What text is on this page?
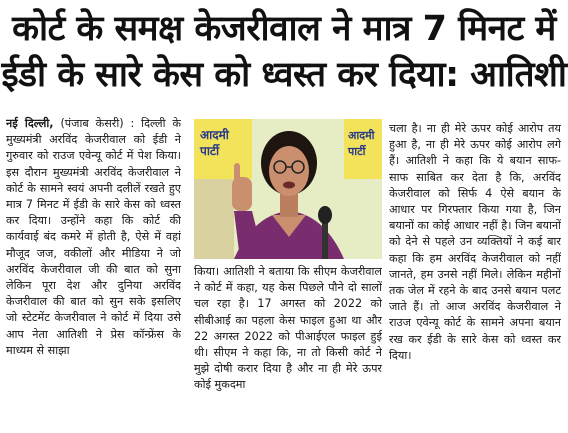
कोर्ट के समक्ष केजरीवाल ने मात्र 7 मिनट में
ईडी के सारे केस को ध्वस्त कर दिया: आतिशी

नई दिल्ली, (पंजाब केसरी) : दिल्ली के मुख्यमंत्री अरविंद केजरीवाल को ईडी ने गुरुवार को राउज एवेन्यू कोर्ट में पेश किया। इस दौरान मुख्यमंत्री अरविंद केजरीवाल ने कोर्ट के सामने स्वयं अपनी दलीलें रखते हुए मात्र 7 मिनट में ईडी के सारे केस को ध्वस्त कर दिया। उन्होंने कहा कि कोर्ट की कार्यवाई बंद कमरे में होती है, ऐसे में वहां मौजूद जज, वकीलों और मीडिया ने जो अरविंद केजरीवाल जी की बात को सुना लेकिन पूरा देश और दुनिया अरविंद केजरीवाल की बात को सुन सके इसलिए जो स्टेटमेंट केजरीवाल ने कोर्ट में दिया उसे आप नेता आतिशी ने प्रेस कॉन्फ्रेंस के माध्यम से साझा

आदमी
पार्टी
आदमी
पार्टी

किया। आतिशी ने बताया कि सीएम केजरीवाल ने कोर्ट में कहा, यह केस पिछले पौने दो सालों चल रहा है। 17 अगस्त को 2022 को सीबीआई का पहला केस फाइल हुआ था और 22 अगस्त 2022 को पीआईएल फाइल हुई थी। सीएम ने कहा कि, ना तो किसी कोर्ट ने मुझे दोषी करार दिया है और ना ही मेरे ऊपर कोई मुकदमा

चला है। ना ही मेरे ऊपर कोई आरोप तय हुआ है, ना ही मेरे ऊपर कोई आरोप लगे हैं। आतिशी ने कहा कि ये बयान साफ-साफ साबित कर देता है कि, अरविंद केजरीवाल को सिर्फ 4 ऐसे बयान के आधार पर गिरफ्तार किया गया है, जिन बयानों का कोई आधार नहीं है। जिन बयानों को देने से पहले उन व्यक्तियों ने कई बार कहा कि हम अरविंद केजरीवाल को नहीं जानते, हम उनसे नहीं मिले। लेकिन महीनों तक जेल में रहने के बाद उनसे बयान पलट जाते हैं। तो आज अरविंद केजरीवाल ने राउज एवेन्यू कोर्ट के सामने अपना बयान रख कर ईडी के सारे केस को ध्वस्त कर दिया।
